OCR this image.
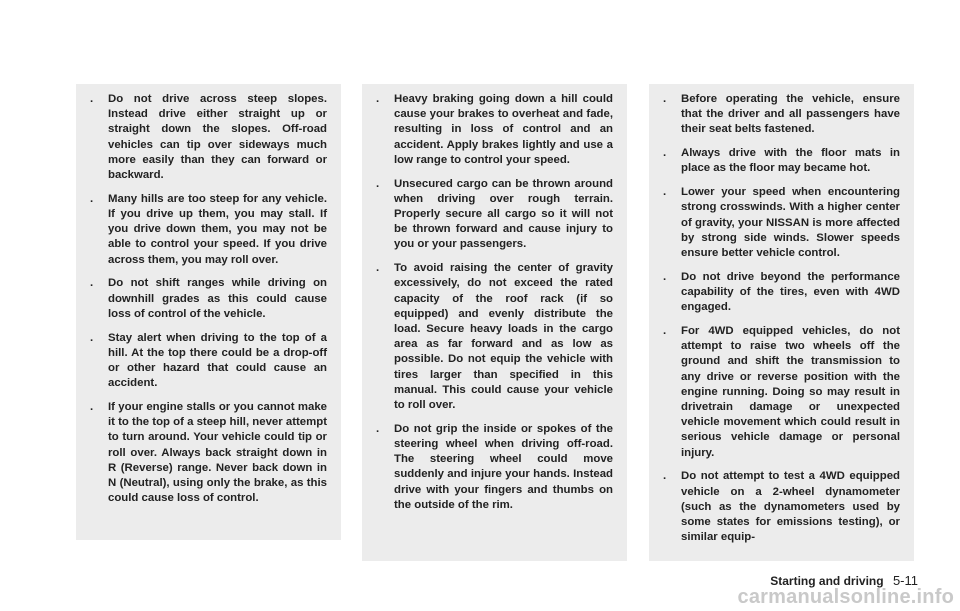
. Do not drive across steep slopes. Instead drive either straight up or straight down the slopes. Off-road vehicles can tip over sideways much more easily than they can forward or backward.
. Many hills are too steep for any vehicle. If you drive up them, you may stall. If you drive down them, you may not be able to control your speed. If you drive across them, you may roll over.
. Do not shift ranges while driving on downhill grades as this could cause loss of control of the vehicle.
. Stay alert when driving to the top of a hill. At the top there could be a drop-off or other hazard that could cause an accident.
. If your engine stalls or you cannot make it to the top of a steep hill, never attempt to turn around. Your vehicle could tip or roll over. Always back straight down in R (Reverse) range. Never back down in N (Neutral), using only the brake, as this could cause loss of control.
. Heavy braking going down a hill could cause your brakes to overheat and fade, resulting in loss of control and an accident. Apply brakes lightly and use a low range to control your speed.
. Unsecured cargo can be thrown around when driving over rough terrain. Properly secure all cargo so it will not be thrown forward and cause injury to you or your passengers.
. To avoid raising the center of gravity excessively, do not exceed the rated capacity of the roof rack (if so equipped) and evenly distribute the load. Secure heavy loads in the cargo area as far forward and as low as possible. Do not equip the vehicle with tires larger than specified in this manual. This could cause your vehicle to roll over.
. Do not grip the inside or spokes of the steering wheel when driving off-road. The steering wheel could move suddenly and injure your hands. Instead drive with your fingers and thumbs on the outside of the rim.
. Before operating the vehicle, ensure that the driver and all passengers have their seat belts fastened.
. Always drive with the floor mats in place as the floor may became hot.
. Lower your speed when encountering strong crosswinds. With a higher center of gravity, your NISSAN is more affected by strong side winds. Slower speeds ensure better vehicle control.
. Do not drive beyond the performance capability of the tires, even with 4WD engaged.
. For 4WD equipped vehicles, do not attempt to raise two wheels off the ground and shift the transmission to any drive or reverse position with the engine running. Doing so may result in drivetrain damage or unexpected vehicle movement which could result in serious vehicle damage or personal injury.
. Do not attempt to test a 4WD equipped vehicle on a 2-wheel dynamometer (such as the dynamometers used by some states for emissions testing), or similar equip-
Starting and driving 5-11
carmanualsonline.info
